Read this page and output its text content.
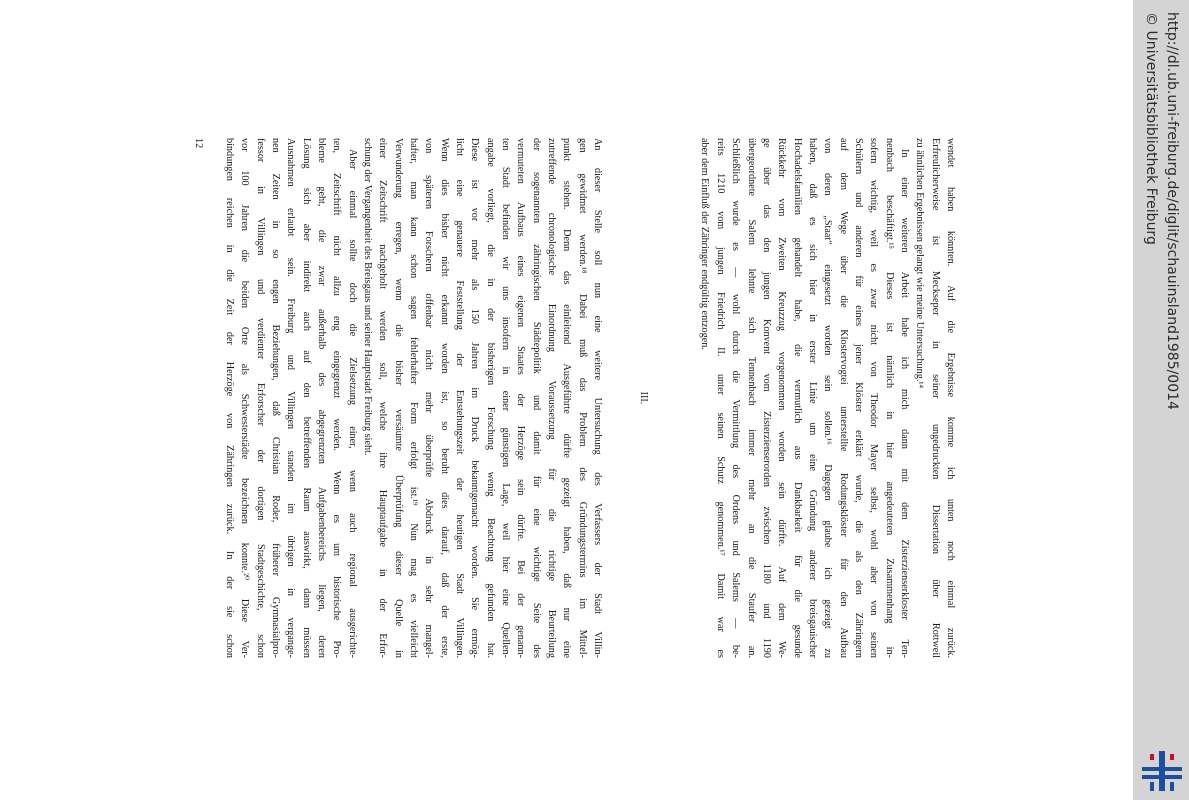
wendet haben könnten. Auf die Ergebnisse komme ich unten noch einmal zurück.
Erfreulicherweise ist Meckseper in seiner ungedruckten Dissertation über Rottweil
zu ähnlichen Ergebnissen gelangt wie meine Untersuchung.¹⁴
In einer weiteren Arbeit habe ich mich dann mit dem Zisterzienserkloster Ten-
nenbach beschäftigt.¹⁵ Dieses ist nämlich in hier angedeuteten Zusammenhang in-
sofern wichtig, weil es zwar nicht von Theodor Mayer selbst, wohl aber von seinen
Schülern und anderen für eines jener Klöster erklärt wurde, die als den Zähringern
auf dem Wege über die Klostervogtei unterstellte Rodungsklöster für den Aufbau
von deren „Staat“ eingesetzt worden sein sollen.¹⁶ Dagegen glaube ich gezeigt zu
haben, daß es sich hier in erster Linie um eine Gründung anderer breisgauischer
Hochadelsfamilien gehandelt habe, die vermutlich aus Dankbarkeit für die gesunde
Rückkehr vom Zweiten Kreuzzug vorgenommen worden sein dürfte. Auf dem We-
ge über das den jungen Konvent vom Zisterzienserorden zwischen 1180 und 1190
übergeordnete Salem lehnte sich Tennenbach immer mehr an die Staufer an.
Schließlich wurde es — wohl durch die Vermittlung des Ordens und Salems — be-
reits 1210 vom jungen Friedrich II. unter seinen Schutz genommen.¹⁷ Damit war es
aber dem Einfluß der Zähringer endgültig entzogen.
III.
An dieser Stelle soll nun eine weitere Untersuchung des Verfassers der Stadt Villin-
gen gewidmet werden.¹⁸ Dabei muß das Problem des Gründungstermins im Mittel-
punkt stehen. Denn das einleitend Ausgeführte dürfte gezeigt haben, daß nur eine
zutreffende chronologische Einordnung Voraussetzung für die richtige Beurteilung
der sogenannten zähringischen Städtepolitik und damit für eine wichtige Seite des
vermuteten Aufbaus eines eigenen Staates der Herzöge sein dürfte. Bei der genann-
ten Stadt befinden wir uns insofern in einer günstigen Lage, weil hier eine Quellen-
angabe vorliegt, die in der bisherigen Forschung wenig Beachtung gefunden hat.
Diese ist vor mehr als 150 Jahren im Druck bekanntgemacht worden. Sie ermög-
licht eine genauere Feststellung der Entstehungszeit der heutigen Stadt Villingen.
Wenn dies bisher nicht erkannt worden ist, so beruht dies darauf, daß der erste,
von späteren Forschern offenbar nicht mehr überprüfte Abdruck in sehr mangel-
hafter, man kann schon sagen fehlerhafter Form erfolgt ist.¹⁹ Nun mag es vielleicht
Verwunderung erregen, wenn die bisher versäumte Überprüfung dieser Quelle in
einer Zeitschrift nachgeholt werden soll, welche ihre Hauptaufgabe in der Erfor-
schung der Vergangenheit des Breisgaus und seiner Hauptstadt Freiburg sieht.
Aber einmal sollte doch die Zielsetzung einer, wenn auch regional ausgerichte-
ten, Zeitschrift nicht allzu eng eingegrenzt werden. Wenn es um historische Pro-
bleme geht, die zwar außerhalb des abgegrenzten Aufgabenbereichs liegen, deren
Lösung sich aber indirekt auch auf den betreffenden Raum auswirkt, dann müssen
Ausnahmen erlaubt sein. Freiburg und Villingen standen im übrigen in vergange-
nen Zeiten in so engen Beziehungen, daß Christian Roder, früherer Gymnasialpro-
fessor in Villingen und verdienter Erforscher der dortigen Stadtgeschichte, schon
vor 100 Jahren die beiden Orte als Schwesterstädte bezeichnen konnte.²⁰ Diese Ver-
bindungen reichen in die Zeit der Herzöge von Zähringen zurück. In der sie schon
12	http://dl.ub.uni-freiburg.de/diglit/schauinsland1985/0014
© Universitätsbibliothek Freiburg
